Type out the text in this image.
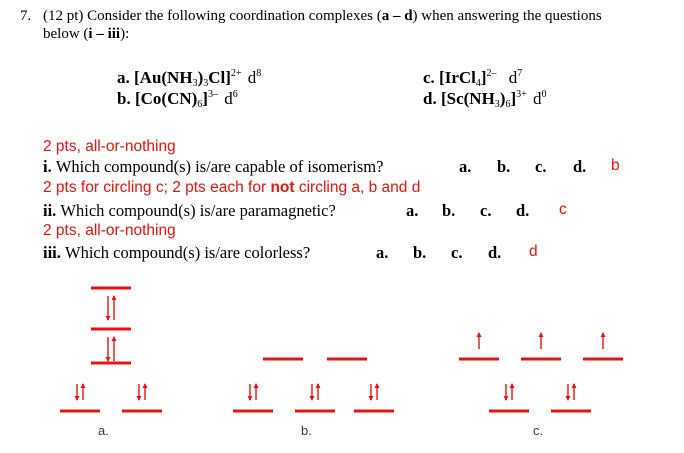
7. (12 pt) Consider the following coordination complexes (a – d) when answering the questions
below (i – iii):
a. $[Au(NH_3)_3Cl]^{2+}$ $d^8$
b. $[Co(CN)_6]^{3-}$ $d^6$
c. [IrCl$_4$]$^{2-}$ $d^7$
d. $[Sc(NH_3)_6]^{3+}$ $d^0$
2 pts, all-or-nothing
i. Which compound(s) is/are capable of isomerism?	a. b. c. d. b
2 pts for circling c; 2 pts each for not circling a, b and d
ii. Which compound(s) is/are paramagnetic?	a. b. c. d. c
2 pts, all-or-nothing
iii. Which compound(s) is/are colorless?	a. b. c. d. d
a.	b.	c.
